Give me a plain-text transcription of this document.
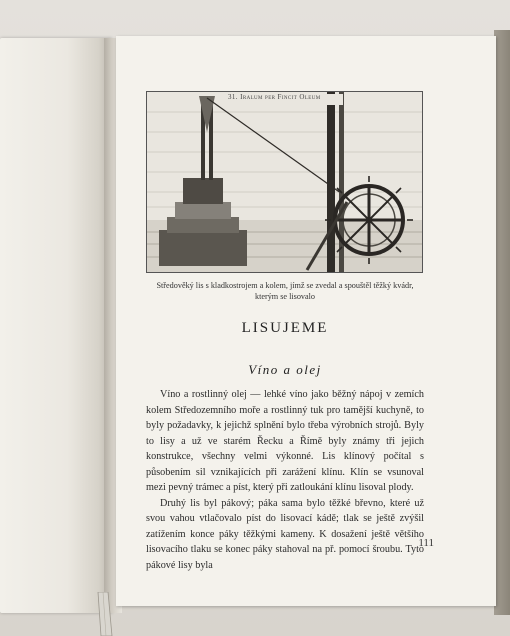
31. Iralum per Fincit Oleum
Středověký lis s kladkostrojem a kolem, jímž se zvedal a spouštěl těžký kvádr, kterým se lisovalo
LISUJEME
Víno a olej

Víno a rostlinný olej — lehké víno jako běžný nápoj v zemích kolem Středozemního moře a rostlinný tuk pro tamější kuchyně, to byly požadavky, k jejichž splnění bylo třeba výrobních strojů. Byly to lisy a už ve starém Řecku a Římě byly známy tři jejich konstrukce, všechny velmi výkonné. Lis klínový počítal s působením sil vznikajících při zarážení klínu. Klín se vsunoval mezi pevný trámec a píst, který při zatloukání klínu lisoval plody.

Druhý lis byl pákový; páka sama bylo těžké břevno, které už svou vahou vtlačovalo píst do lisovací kádě; tlak se ještě zvýšil zatížením konce páky těžkými kameny. K dosažení ještě většího lisovacího tlaku se konec páky stahoval na př. pomocí šroubu. Tyto pákové lisy byla

111
